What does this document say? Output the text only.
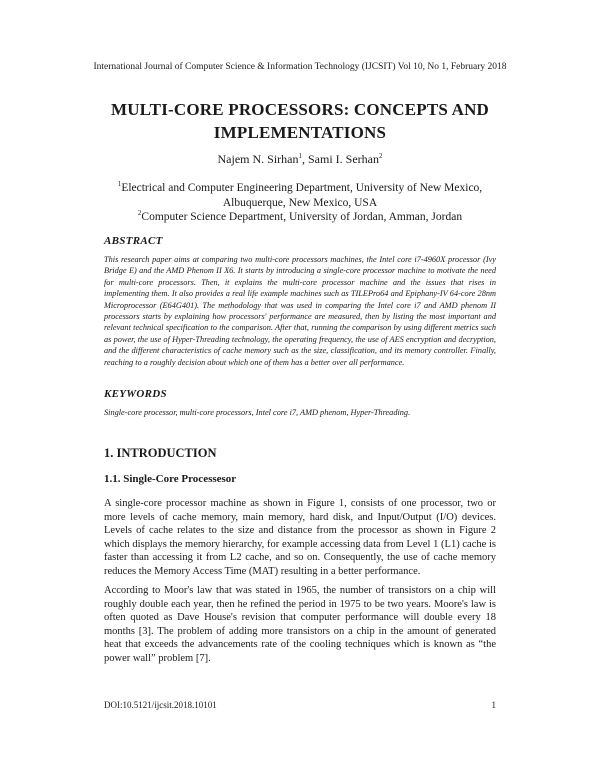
International Journal of Computer Science & Information Technology (IJCSIT) Vol 10, No 1, February 2018
MULTI-CORE PROCESSORS: CONCEPTS AND
IMPLEMENTATIONS
Najem N. Sirhan$^1$, Sami I. Serhan$^2$
$^1$Electrical and Computer Engineering Department, University of New Mexico,
Albuquerque, New Mexico, USA
$^2$Computer Science Department, University of Jordan, Amman, Jordan
ABSTRACT
This research paper aims at comparing two multi-core processors machines, the Intel core i7-4960X processor (Ivy Bridge E) and the AMD Phenom II X6. It starts by introducing a single-core processor machine to motivate the need for multi-core processors. Then, it explains the multi-core processor machine and the issues that rises in implementing them. It also provides a real life example machines such as TILEPro64 and Epiphany-IV 64-core 28nm Microprocessor (E64G401). The methodology that was used in comparing the Intel core i7 and AMD phenom II processors starts by explaining how processors' performance are measured, then by listing the most important and relevant technical specification to the comparison. After that, running the comparison by using different metrics such as power, the use of Hyper-Threading technology, the operating frequency, the use of AES encryption and decryption, and the different characteristics of cache memory such as the size, classification, and its memory controller. Finally, reaching to a roughly decision about which one of them has a better over all performance.
KEYWORDS
Single-core processor, multi-core processors, Intel core i7, AMD phenom, Hyper-Threading.
1. INTRODUCTION
1.1. Single-Core Processesor
A single-core processor machine as shown in Figure 1, consists of one processor, two or more levels of cache memory, main memory, hard disk, and Input/Output (I/O) devices. Levels of cache relates to the size and distance from the processor as shown in Figure 2 which displays the memory hierarchy, for example accessing data from Level 1 (L1) cache is faster than accessing it from L2 cache, and so on. Consequently, the use of cache memory reduces the Memory Access Time (MAT) resulting in a better performance.
According to Moor's law that was stated in 1965, the number of transistors on a chip will roughly double each year, then he refined the period in 1975 to be two years. Moore's law is often quoted as Dave House's revision that computer performance will double every 18 months [3]. The problem of adding more transistors on a chip in the amount of generated heat that exceeds the advancements rate of the cooling techniques which is known as “the power wall” problem [7].
DOI:10.5121/ijcsit.2018.10101	1
